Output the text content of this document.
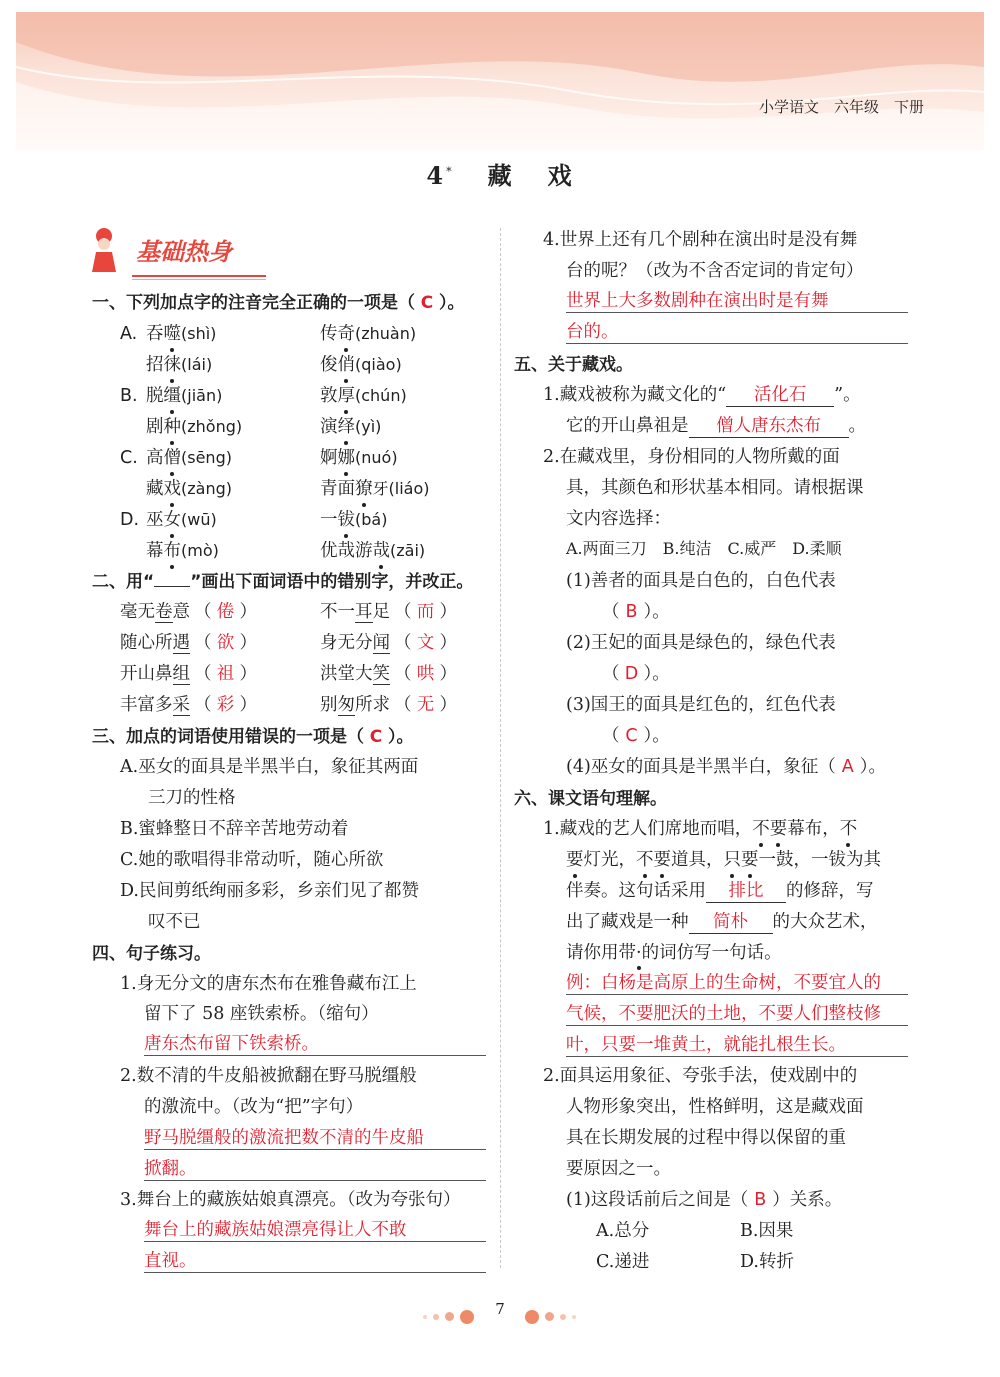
小学语文　六年级　下册
4* 藏 戏
基础热身
一、下列加点字的注音完全正确的一项是（ C ）。
A. 吞噬(shì)	传奇(zhuàn)
招徕(lái)	俊俏(qiào)
B. 脱缰(jiān)	敦厚(chún)
剧种(zhǒng)	演绎(yì)
C. 高僧(sēng)	婀娜(nuó)
藏戏(zàng)	青面獠牙(liáo)
D. 巫女(wū)	一钹(bá)
幕布(mò)	优哉游哉(zāi)
二、用“ ”画出下面词语中的错别字，并改正。
毫无卷意 （ 倦 ）	不一耳足 （ 而 ）
随心所遇 （ 欲 ）	身无分闻 （ 文 ）
开山鼻组 （ 祖 ）	洪堂大笑 （ 哄 ）
丰富多采 （ 彩 ）	别匆所求 （ 无 ）
三、加点的词语使用错误的一项是（ C ）。
A.巫女的面具是半黑半白，象征其两面
三刀的性格
B.蜜蜂整日不辞辛苦地劳动着
C.她的歌唱得非常动听，随心所欲
D.民间剪纸绚丽多彩，乡亲们见了都赞
叹不已
四、句子练习。
1.身无分文的唐东杰布在雅鲁藏布江上
留下了 58 座铁索桥。（缩句）
唐东杰布留下铁索桥。
2.数不清的牛皮船被掀翻在野马脱缰般
的激流中。（改为“把”字句）
野马脱缰般的激流把数不清的牛皮船
掀翻。
3.舞台上的藏族姑娘真漂亮。（改为夸张句）
舞台上的藏族姑娘漂亮得让人不敢
直视。
4.世界上还有几个剧种在演出时是没有舞
台的呢？（改为不含否定词的肯定句）
世界上大多数剧种在演出时是有舞
台的。
五、关于藏戏。
1.藏戏被称为藏文化的“ 活化石 ”。
它的开山鼻祖是 僧人唐东杰布 。
2.在藏戏里，身份相同的人物所戴的面
具，其颜色和形状基本相同。请根据课
文内容选择：
A.两面三刀　B.纯洁　C.威严　D.柔顺
(1)善者的面具是白色的，白色代表
（ B ）。
(2)王妃的面具是绿色的，绿色代表
（ D ）。
(3)国王的面具是红色的，红色代表
（ C ）。
(4)巫女的面具是半黑半白，象征（ A ）。
六、课文语句理解。
1.藏戏的艺人们席地而唱，不要幕布，不
要灯光，不要道具，只要一鼓，一钹为其
伴奏。这句话采用 排比 的修辞，写
出了藏戏是一种 简朴 的大众艺术，
请你用带·的词仿写一句话。
例：白杨是高原上的生命树，不要宜人的
气候，不要肥沃的土地，不要人们整枝修
叶，只要一堆黄土，就能扎根生长。
2.面具运用象征、夸张手法，使戏剧中的
人物形象突出，性格鲜明，这是藏戏面
具在长期发展的过程中得以保留的重
要原因之一。
(1)这段话前后之间是（ B ）关系。
A.总分	B.因果
C.递进	D.转折
7
